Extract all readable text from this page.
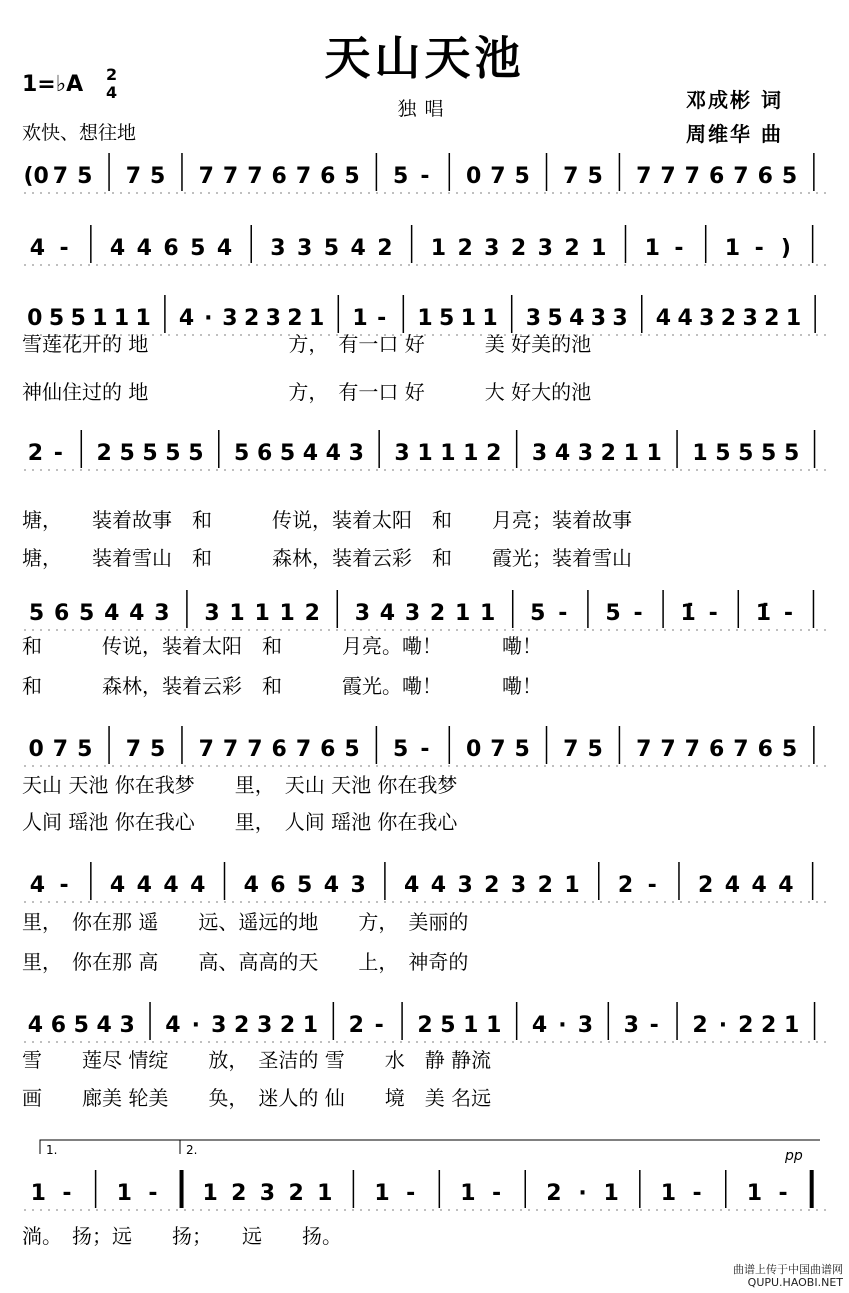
天山天池
1=♭A 2
4
欢快、想往地
独唱	邓成彬 词
周维华 曲
(0 7 5 7 5 7 7 7 6 7 6 5 5 - 0 7 5 7 5 7 7 7 6 7 6 5
4 - 4 4 6 5 4 3 3 5 4 2 1 2 3 2 3 2 1 1 - 1 - )
0 5 5 1 1 1 4 · 3 2 3 2 1 1 - 1 5 1 1 3 5 4 3 3 4 4 3 2 3 2 1
2 - 2 5 5 5 5 5 6 5 4 4 3 3 1 1 1 2 3 4 3 2 1 1 1 5 5 5 5
5 6 5 4 4 3 3 1 1 1 2 3 4 3 2 1 1 5 - 5 - 1̇ - 1̇ -
0 7 5 7 5 7 7 7 6 7 6 5 5 - 0 7 5 7 5 7 7 7 6 7 6 5
4 - 4 4 4 4 4 6 5 4 3 4 4 3 2 3 2 1 2 - 2 4 4 4
4 6 5 4 3 4 · 3 2 3 2 1 2 - 2 5 1 1 4 · 3 3 - 2 · 2 2 1
1 - 1 - 1 2 3 2 1 1 - 1 - 2 · 1 1 - 1 -
1.	2.	pp
雪莲花开的 地　　　　　　　方，　有一口 好　　　美 好美的池
神仙住过的 地　　　　　　　方，　有一口 好　　　大 好大的池
塘，　　装着故事　和　　　传说，装着太阳　和　　月亮；装着故事
塘，　　装着雪山　和　　　森林，装着云彩　和　　霞光；装着雪山
和　　　传说，装着太阳　和　　　月亮。嘞！　　　嘞！
和　　　森林，装着云彩　和　　　霞光。嘞！　　　嘞！
天山 天池 你在我梦　　里，　天山 天池 你在我梦
人间 瑶池 你在我心　　里，　人间 瑶池 你在我心
里，　你在那 遥　　远、遥远的地　　方，　美丽的
里，　你在那 高　　高、高高的天　　上，　神奇的
雪　　莲尽 情绽　　放，　圣洁的 雪　　水　静 静流
画　　廊美 轮美　　奂，　迷人的 仙　　境　美 名远
淌。　扬；远　　扬；　　远　　扬。
曲谱上传于中国曲谱网
QUPU.HAOBI.NET
